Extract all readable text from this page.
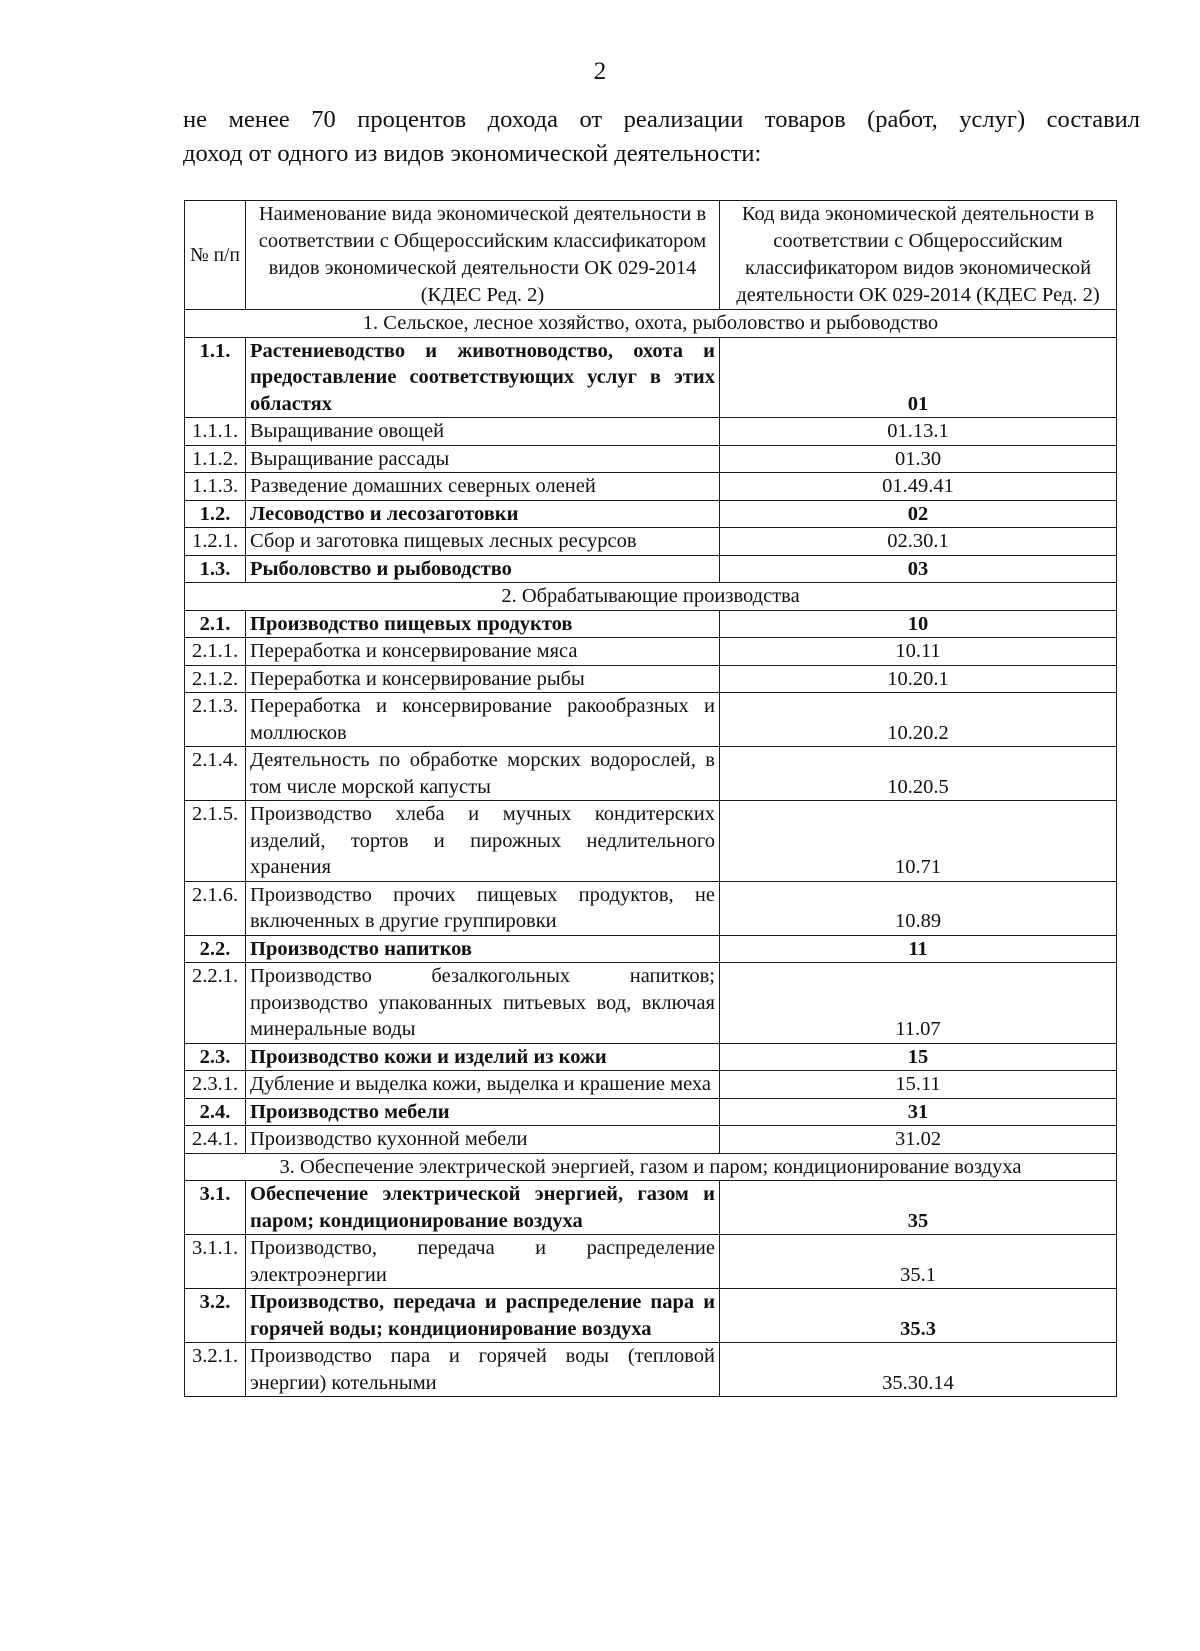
2
не менее 70 процентов дохода от реализации товаров (работ, услуг) составил
доход от одного из видов экономической деятельности:
№ п/п	Наименование вида экономической деятельности в соответствии с Общероссийским классификатором видов экономической деятельности ОК 029-2014 (КДЕС Ред. 2)	Код вида экономической деятельности в соответствии с Общероссийским классификатором видов экономической деятельности ОК 029-2014 (КДЕС Ред. 2)
1. Сельское, лесное хозяйство, охота, рыболовство и рыбоводство		
1.1.	Растениеводство и животноводство, охота и предоставление соответствующих услуг в этих областях	01
1.1.1.	Выращивание овощей	01.13.1
1.1.2.	Выращивание рассады	01.30
1.1.3.	Разведение домашних северных оленей	01.49.41
1.2.	Лесоводство и лесозаготовки	02
1.2.1.	Сбор и заготовка пищевых лесных ресурсов	02.30.1
1.3.	Рыболовство и рыбоводство	03
2. Обрабатывающие производства		
2.1.	Производство пищевых продуктов	10
2.1.1.	Переработка и консервирование мяса	10.11
2.1.2.	Переработка и консервирование рыбы	10.20.1
2.1.3.	Переработка и консервирование ракообразных и моллюсков	10.20.2
2.1.4.	Деятельность по обработке морских водорослей, в том числе морской капусты	10.20.5
2.1.5.	Производство хлеба и мучных кондитерских изделий, тортов и пирожных недлительного хранения	10.71
2.1.6.	Производство прочих пищевых продуктов, не включенных в другие группировки	10.89
2.2.	Производство напитков	11
2.2.1.	Производство безалкогольных напитков; производство упакованных питьевых вод, включая минеральные воды	11.07
2.3.	Производство кожи и изделий из кожи	15
2.3.1.	Дубление и выделка кожи, выделка и крашение меха	15.11
2.4.	Производство мебели	31
2.4.1.	Производство кухонной мебели	31.02
3. Обеспечение электрической энергией, газом и паром; кондиционирование воздуха		
3.1.	Обеспечение электрической энергией, газом и паром; кондиционирование воздуха	35
3.1.1.	Производство, передача и распределение электроэнергии	35.1
3.2.	Производство, передача и распределение пара и горячей воды; кондиционирование воздуха	35.3
3.2.1.	Производство пара и горячей воды (тепловой энергии) котельными	35.30.14
